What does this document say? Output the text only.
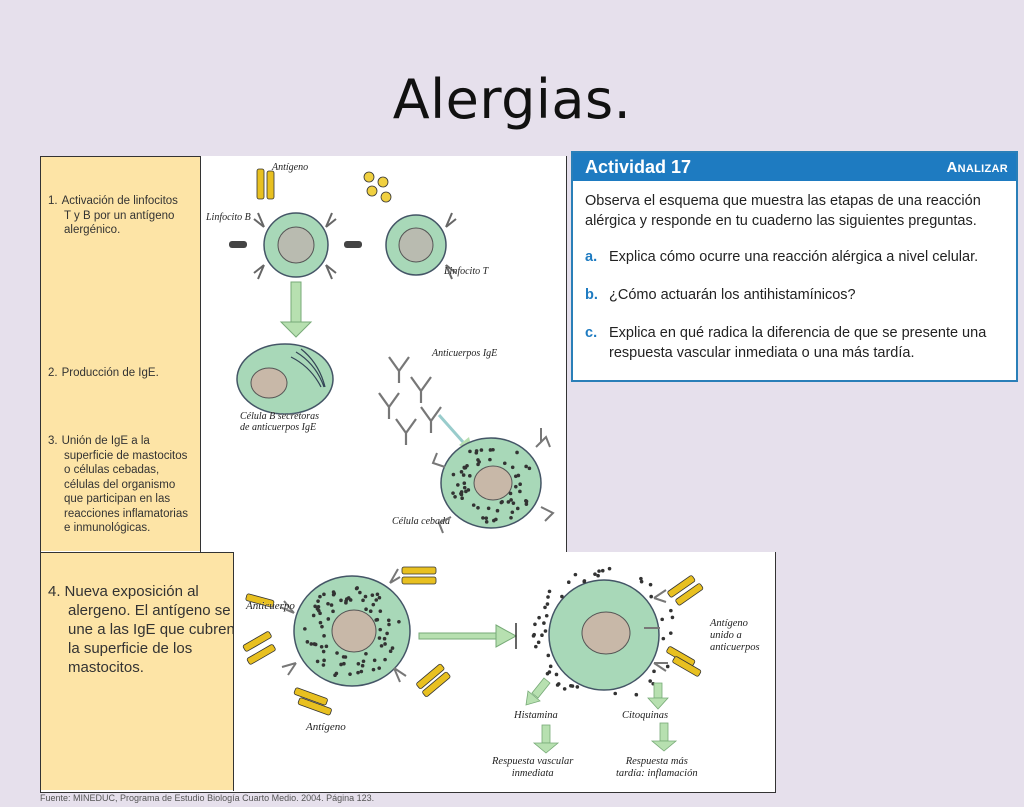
Alergias.
1. Activación de linfocitos
T y B por un antígeno
alergénico.
2. Producción de IgE.
3. Unión de IgE a la
superficie de mastocitos
o células cebadas,
células del organismo
que participan en las
reacciones inflamatorias
e inmunológicas.
4. Nueva exposición al
alergeno. El antígeno se
une a las IgE que cubren
la superficie de los
mastocitos.
Antígeno
Linfocito B
Linfocito T
Anticuerpos IgE
Célula B secretoras
de anticuerpos IgE
Célula cebada
Anticuerpo
Antígeno
Antígeno
unido a
anticuerpos
Histamina	Citoquinas
Respuesta vascular
inmediata
Respuesta más
tardía: inflamación
Actividad 17	Analizar
Observa el esquema que muestra las etapas de una reacción alérgica y responde en tu cuaderno las siguientes preguntas.
a. Explica cómo ocurre una reacción alérgica a nivel celular.
b. ¿Cómo actuarán los antihistamínicos?
c. Explica en qué radica la diferencia de que se presente una
respuesta vascular inmediata o una más tardía.
Fuente: MINEDUC, Programa de Estudio Biología Cuarto Medio. 2004. Página 123.
